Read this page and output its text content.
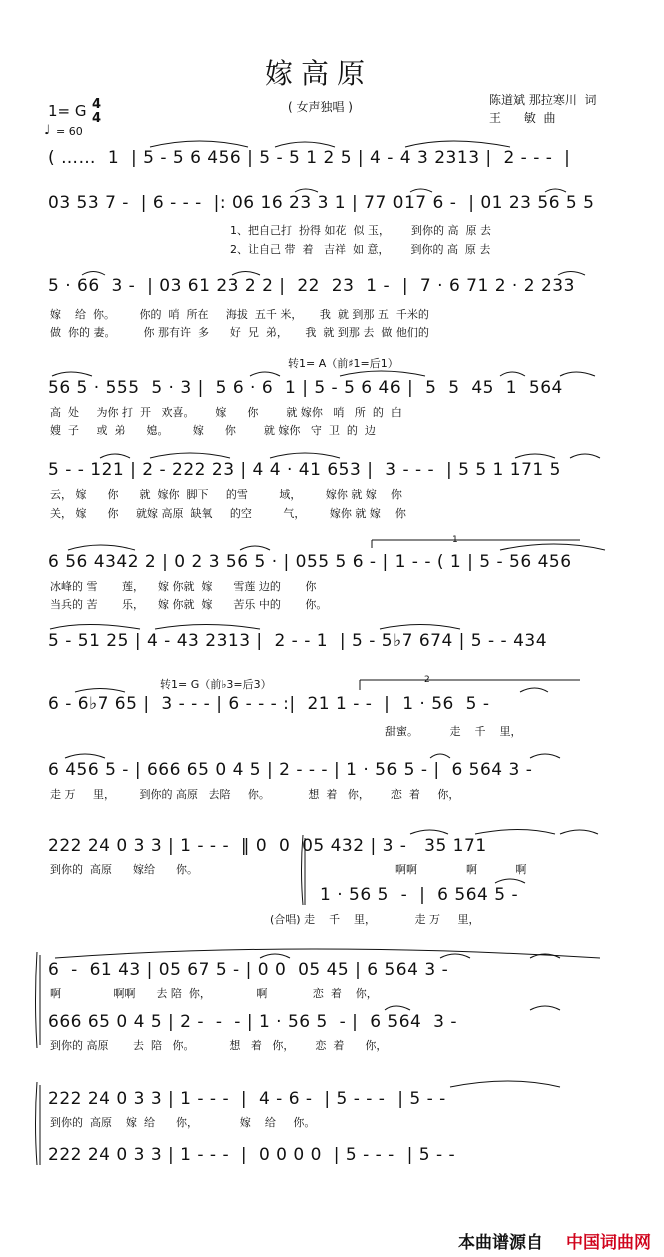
嫁高原
( 女声独唱 )
1= G 4
4
♩ = 60
陈道斌 那拉寒川  词
王      敏  曲
( ……  1  | 5 - 5 6 456 | 5 - 5 1 2 5 | 4 - 4 3 2313 |  2 - - -  |
03 53 7 -  | 6 - - -  |: 06 16 23 3 1 | 77 017 6 -  | 01 23 56 5 5
5 · 66  3 -  | 03 61 23 2 2 |  22  23  1 -  |  7 · 6 71 2 · 2 233
56 5 · 555  5 · 3 |  5 6 · 6  1 | 5 - 5 6 46 |  5  5  45  1  564
5 - - 121 | 2 - 222 23 | 4 4 · 41 653 |  3 - - -  | 5 5 1 171 5
6 56 4342 2 | 0 2 3 56 5 · | 055 5 6 - | 1 - - ( 1 | 5 - 56 456
5 - 51 25 | 4 - 43 2313 |  2 - - 1  | 5 - 5♭7 674 | 5 - - 434
6 - 6♭7 65 |  3 - - - | 6 - - - :|  21 1 - -  |  1 · 56  5 -
6 456 5 - | 666 65 0 4 5 | 2 - - - | 1 · 56 5 - |  6 564 3 -
222 24 0 3 3 | 1 - - -  ‖ 0  0  05 432 | 3 -   35 171
1 · 56 5  -  |  6 564 5 -
6  -  61 43 | 05 67 5 - | 0 0  05 45 | 6 564 3 -
666 65 0 4 5 | 2 -  -  - | 1 · 56 5  - |  6 564  3 -
222 24 0 3 3 | 1 - - -  |  4 - 6 -  | 5 - - -  | 5 - -
222 24 0 3 3 | 1 - - -  |  0 0 0 0  | 5 - - -  | 5 - -
1、把自己打  扮得 如花  似 玉，      到你的 高  原 去
2、让自己 带  着   吉祥  如 意，      到你的 高  原 去
嫁    给  你。       你的  哨  所在     海拔  五千 米，     我  就 到那 五  千米的
做  你的 妻。        你 那有许  多      好  兄  弟，     我  就 到那 去  做 他们的
高  处     为你 打  开   欢喜。      嫁      你        就 嫁你   哨   所  的  白
嫂  子     或  弟      媳。       嫁      你        就 嫁你   守  卫  的  边
云， 嫁      你      就  嫁你  脚下     的雪         域，       嫁你 就 嫁    你
关， 嫁      你     就嫁 高原  缺氧     的空         气，       嫁你 就 嫁    你
冰峰的 雪       莲，    嫁 你就  嫁      雪莲 边的       你
当兵的 苦       乐，    嫁 你就  嫁      苦乐 中的       你。
甜蜜。         走    千    里，
走 万     里，       到你的 高原   去陪     你。           想  着   你，      恋  着     你，
到你的  高原      嫁给      你。	啊啊              啊           啊
(合唱) 走    千    里，           走 万     里，
啊               啊啊      去 陪  你，             啊             恋  着    你，
到你的 高原       去  陪   你。          想   着   你，      恋  着      你，
到你的  高原    嫁  给      你，            嫁    给     你。
转1= A（前♯1=后1）
转1= G（前♭3=后3）
1
2
本曲谱源自 中国词曲网
